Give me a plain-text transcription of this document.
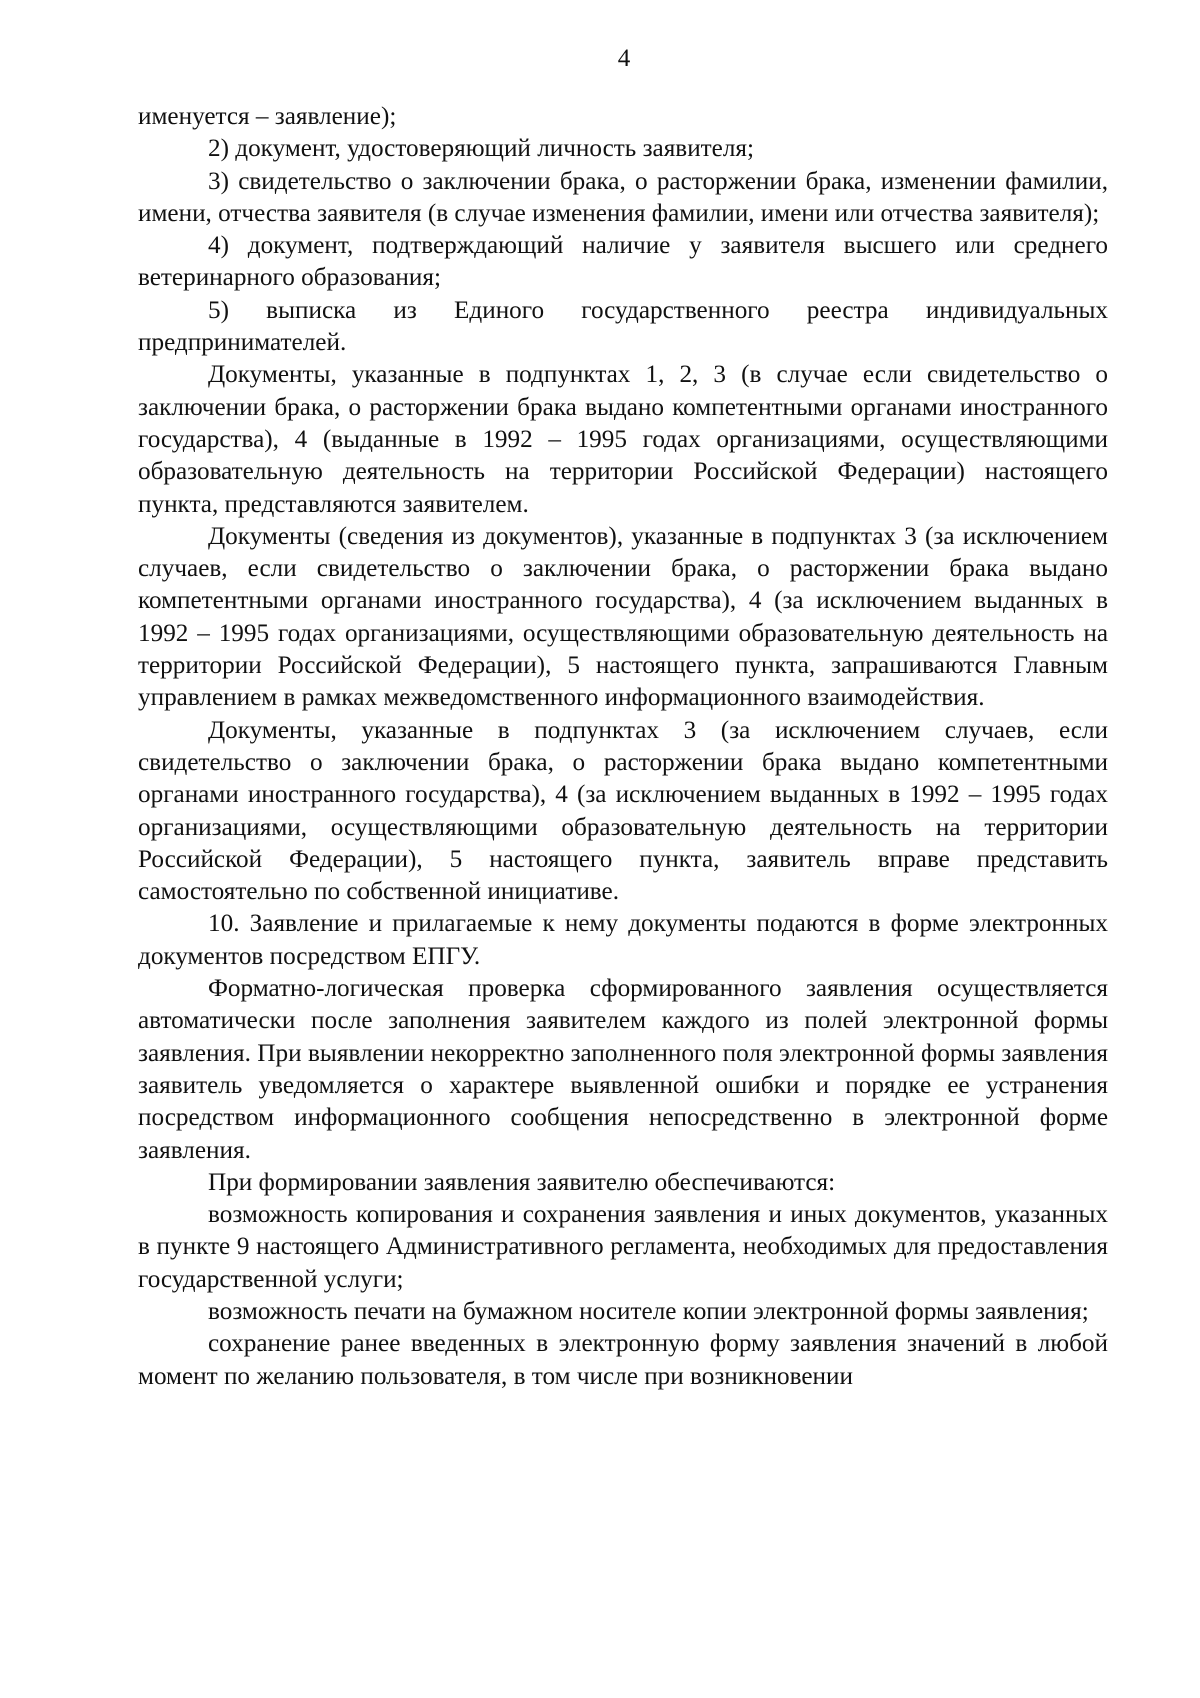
4

именуется – заявление);

2) документ, удостоверяющий личность заявителя;

3) свидетельство о заключении брака, о расторжении брака, изменении фамилии, имени, отчества заявителя (в случае изменения фамилии, имени или отчества заявителя);

4) документ, подтверждающий наличие у заявителя высшего или среднего ветеринарного образования;

5) выписка из Единого государственного реестра индивидуальных предпринимателей.

Документы, указанные в подпунктах 1, 2, 3 (в случае если свидетельство о заключении брака, о расторжении брака выдано компетентными органами иностранного государства), 4 (выданные в 1992 – 1995 годах организациями, осуществляющими образовательную деятельность на территории Российской Федерации) настоящего пункта, представляются заявителем.

Документы (сведения из документов), указанные в подпунктах 3 (за исключением случаев, если свидетельство о заключении брака, о расторжении брака выдано компетентными органами иностранного государства), 4 (за исключением выданных в 1992 – 1995 годах организациями, осуществляющими образовательную деятельность на территории Российской Федерации), 5 настоящего пункта, запрашиваются Главным управлением в рамках межведомственного информационного взаимодействия.

Документы, указанные в подпунктах 3 (за исключением случаев, если свидетельство о заключении брака, о расторжении брака выдано компетентными органами иностранного государства), 4 (за исключением выданных в 1992 – 1995 годах организациями, осуществляющими образовательную деятельность на территории Российской Федерации), 5 настоящего пункта, заявитель вправе представить самостоятельно по собственной инициативе.

10. Заявление и прилагаемые к нему документы подаются в форме электронных документов посредством ЕПГУ.

Форматно-логическая проверка сформированного заявления осуществляется автоматически после заполнения заявителем каждого из полей электронной формы заявления. При выявлении некорректно заполненного поля электронной формы заявления заявитель уведомляется о характере выявленной ошибки и порядке ее устранения посредством информационного сообщения непосредственно в электронной форме заявления.

При формировании заявления заявителю обеспечиваются:

возможность копирования и сохранения заявления и иных документов, указанных в пункте 9 настоящего Административного регламента, необходимых для предоставления государственной услуги;

возможность печати на бумажном носителе копии электронной формы заявления;

сохранение ранее введенных в электронную форму заявления значений в любой момент по желанию пользователя, в том числе при возникновении
